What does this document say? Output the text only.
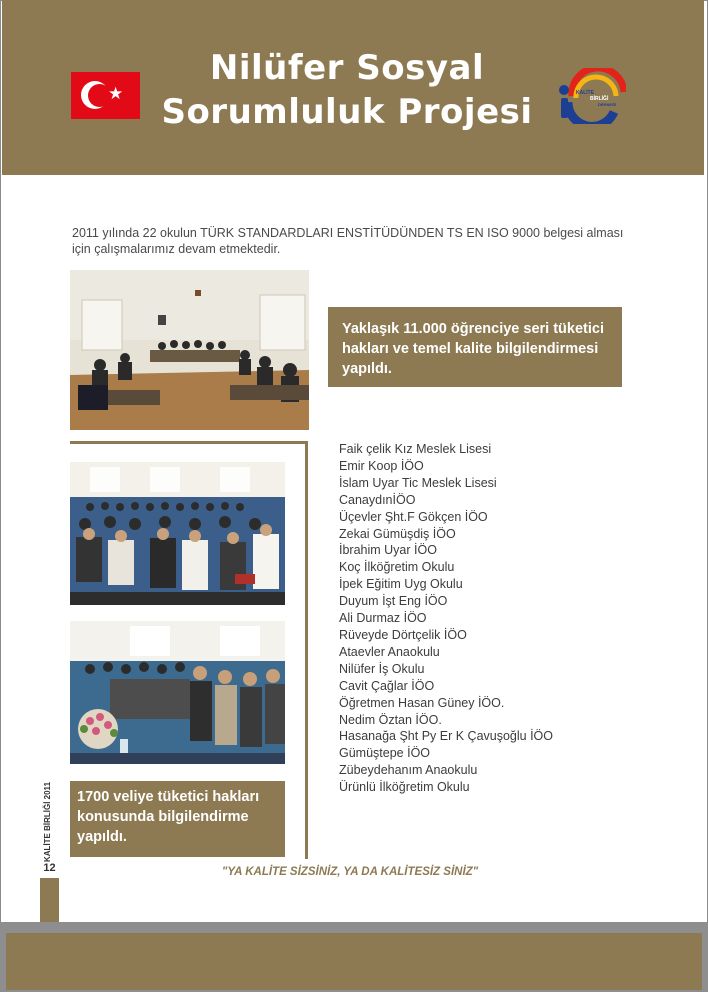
★
Nilüfer Sosyal
Sorumluluk Projesi	KALİTE
BİRLİĞİ
DERNEĞİ

2011 yılında 22 okulun TÜRK STANDARDLARI ENSTİTÜDÜNDEN TS EN ISO 9000 belgesi alması için çalışmalarımız devam etmektedir.

Yaklaşık 11.000 öğrenciye seri tüketici hakları ve temel kalite bilgilendirmesi yapıldı.
1700 veliye tüketici hakları konusunda bilgilendirme yapıldı.
Faik çelik Kız Meslek Lisesi
Emir Koop İÖO
İslam Uyar Tic Meslek Lisesi
CanaydınİÖO
Üçevler Şht.F Gökçen İÖO
Zekai Gümüşdiş İÖO
İbrahim Uyar İÖO
Koç İlköğretim Okulu
İpek Eğitim Uyg Okulu
Duyum İşt Eng İÖO
Ali Durmaz İÖO
Rüveyde Dörtçelik İÖO
Ataevler Anaokulu
Nilüfer İş Okulu
Cavit Çağlar İÖO
Öğretmen Hasan Güney İÖO.
Nedim Öztan İÖO.
Hasanağa Şht Py Er K Çavuşoğlu İÖO
Gümüştepe İÖO
Zübeydehanım Anaokulu
Ürünlü İlköğretim Okulu
KALİTE BİRLİĞİ 2011
12	"YA KALİTE SİZSİNİZ, YA DA KALİTESİZ SİNİZ"
